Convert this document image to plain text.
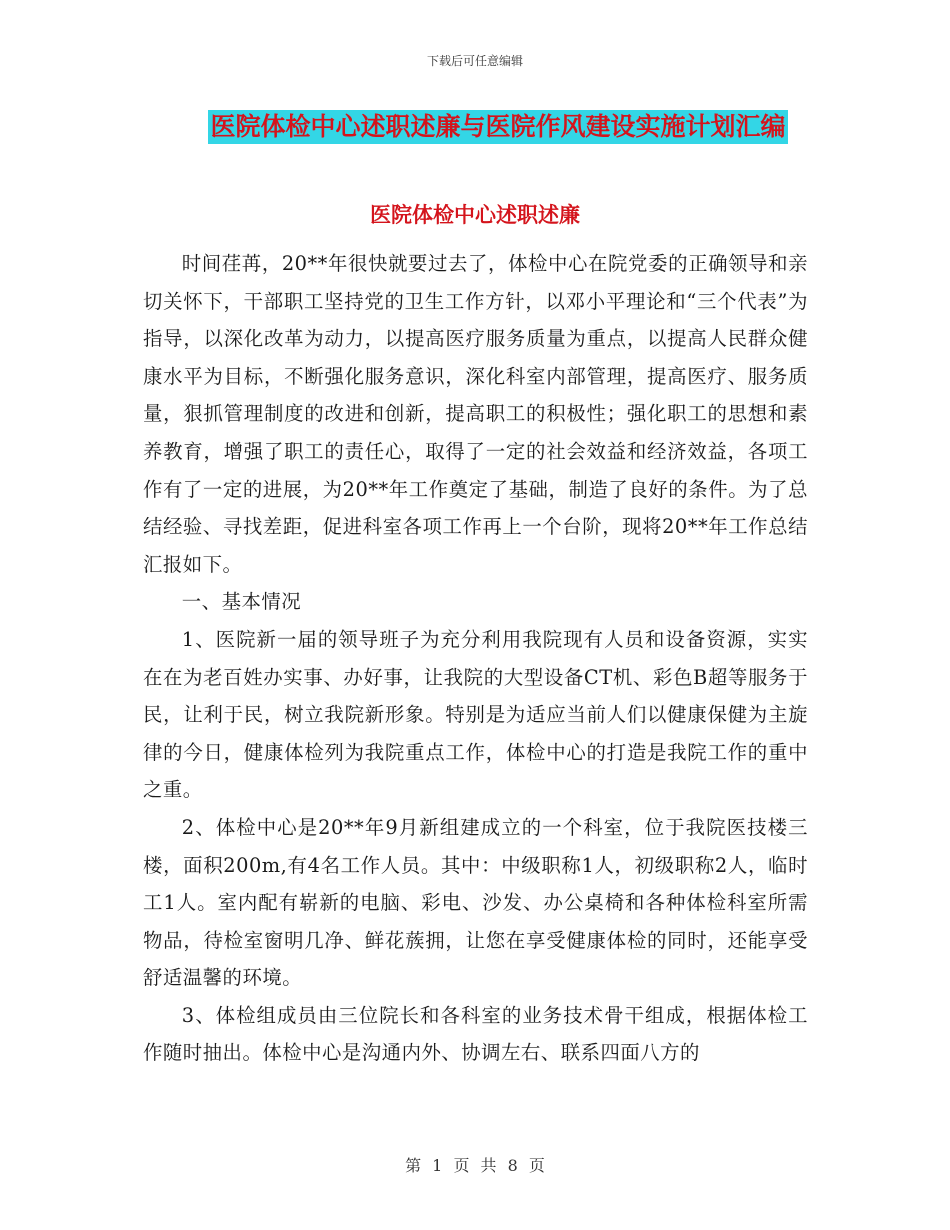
下载后可任意编辑
医院体检中心述职述廉与医院作风建设实施计划汇编
医院体检中心述职述廉

时间荏苒，20**年很快就要过去了，体检中心在院党委的正确领导和亲切关怀下，干部职工坚持党的卫生工作方针，以邓小平理论和“三个代表”为指导，以深化改革为动力，以提高医疗服务质量为重点，以提高人民群众健康水平为目标，不断强化服务意识，深化科室内部管理，提高医疗、服务质量，狠抓管理制度的改进和创新，提高职工的积极性；强化职工的思想和素养教育，增强了职工的责任心，取得了一定的社会效益和经济效益，各项工作有了一定的进展，为20**年工作奠定了基础，制造了良好的条件。为了总结经验、寻找差距，促进科室各项工作再上一个台阶，现将20**年工作总结汇报如下。

一、基本情况

1、医院新一届的领导班子为充分利用我院现有人员和设备资源，实实在在为老百姓办实事、办好事，让我院的大型设备CT机、彩色B超等服务于民，让利于民，树立我院新形象。特别是为适应当前人们以健康保健为主旋律的今日，健康体检列为我院重点工作，体检中心的打造是我院工作的重中之重。

2、体检中心是20**年9月新组建成立的一个科室，位于我院医技楼三楼，面积200m,有4名工作人员。其中：中级职称1人，初级职称2人，临时工1人。室内配有崭新的电脑、彩电、沙发、办公桌椅和各种体检科室所需物品，待检室窗明几净、鲜花蔟拥，让您在享受健康体检的同时，还能享受舒适温馨的环境。

3、体检组成员由三位院长和各科室的业务技术骨干组成，根据体检工作随时抽出。体检中心是沟通内外、协调左右、联系四面八方的

第 1 页 共 8 页
